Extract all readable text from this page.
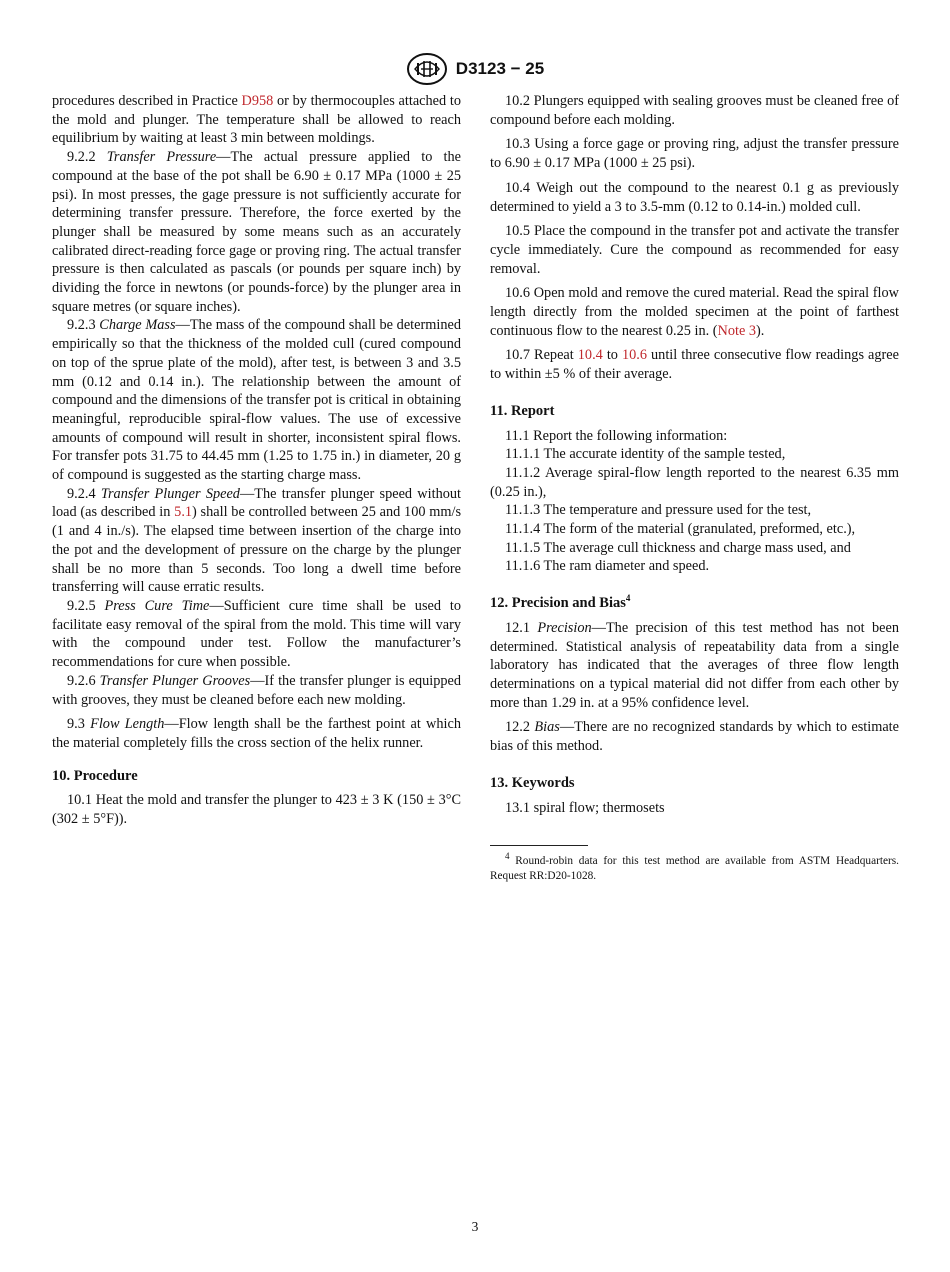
D3123 − 25

procedures described in Practice D958 or by thermocouples attached to the mold and plunger. The temperature shall be allowed to reach equilibrium by waiting at least 3 min between moldings.

9.2.2 Transfer Pressure—The actual pressure applied to the compound at the base of the pot shall be 6.90 ± 0.17 MPa (1000 ± 25 psi). In most presses, the gage pressure is not sufficiently accurate for determining transfer pressure. Therefore, the force exerted by the plunger shall be measured by some means such as an accurately calibrated direct-reading force gage or proving ring. The actual transfer pressure is then calculated as pascals (or pounds per square inch) by dividing the force in newtons (or pounds-force) by the plunger area in square metres (or square inches).

9.2.3 Charge Mass—The mass of the compound shall be determined empirically so that the thickness of the molded cull (cured compound on top of the sprue plate of the mold), after test, is between 3 and 3.5 mm (0.12 and 0.14 in.). The relationship between the amount of compound and the dimensions of the transfer pot is critical in obtaining meaningful, reproducible spiral-flow values. The use of excessive amounts of compound will result in shorter, inconsistent spiral flows. For transfer pots 31.75 to 44.45 mm (1.25 to 1.75 in.) in diameter, 20 g of compound is suggested as the starting charge mass.

9.2.4 Transfer Plunger Speed—The transfer plunger speed without load (as described in 5.1) shall be controlled between 25 and 100 mm/s (1 and 4 in./s). The elapsed time between insertion of the charge into the pot and the development of pressure on the charge by the plunger shall be no more than 5 seconds. Too long a dwell time before transferring will cause erratic results.

9.2.5 Press Cure Time—Sufficient cure time shall be used to facilitate easy removal of the spiral from the mold. This time will vary with the compound under test. Follow the manufacturer’s recommendations for cure when possible.

9.2.6 Transfer Plunger Grooves—If the transfer plunger is equipped with grooves, they must be cleaned before each new molding.

9.3 Flow Length—Flow length shall be the farthest point at which the material completely fills the cross section of the helix runner.

10. Procedure

10.1 Heat the mold and transfer the plunger to 423 ± 3 K (150 ± 3°C (302 ± 5°F)).

10.2 Plungers equipped with sealing grooves must be cleaned free of compound before each molding.

10.3 Using a force gage or proving ring, adjust the transfer pressure to 6.90 ± 0.17 MPa (1000 ± 25 psi).

10.4 Weigh out the compound to the nearest 0.1 g as previously determined to yield a 3 to 3.5-mm (0.12 to 0.14-in.) molded cull.

10.5 Place the compound in the transfer pot and activate the transfer cycle immediately. Cure the compound as recommended for easy removal.

10.6 Open mold and remove the cured material. Read the spiral flow length directly from the molded specimen at the point of farthest continuous flow to the nearest 0.25 in. (Note 3).

10.7 Repeat 10.4 to 10.6 until three consecutive flow readings agree to within ±5 % of their average.

11. Report

11.1 Report the following information:

11.1.1 The accurate identity of the sample tested,

11.1.2 Average spiral-flow length reported to the nearest 6.35 mm (0.25 in.),

11.1.3 The temperature and pressure used for the test,

11.1.4 The form of the material (granulated, preformed, etc.),

11.1.5 The average cull thickness and charge mass used, and

11.1.6 The ram diameter and speed.

12. Precision and Bias$^4$

12.1 Precision—The precision of this test method has not been determined. Statistical analysis of repeatability data from a single laboratory has indicated that the averages of three flow length determinations on a typical material did not differ from each other by more than 1.29 in. at a 95% confidence level.

12.2 Bias—There are no recognized standards by which to estimate bias of this method.

13. Keywords

13.1 spiral flow; thermosets

$^4$ Round-robin data for this test method are available from ASTM Headquarters. Request RR:D20-1028.

3
